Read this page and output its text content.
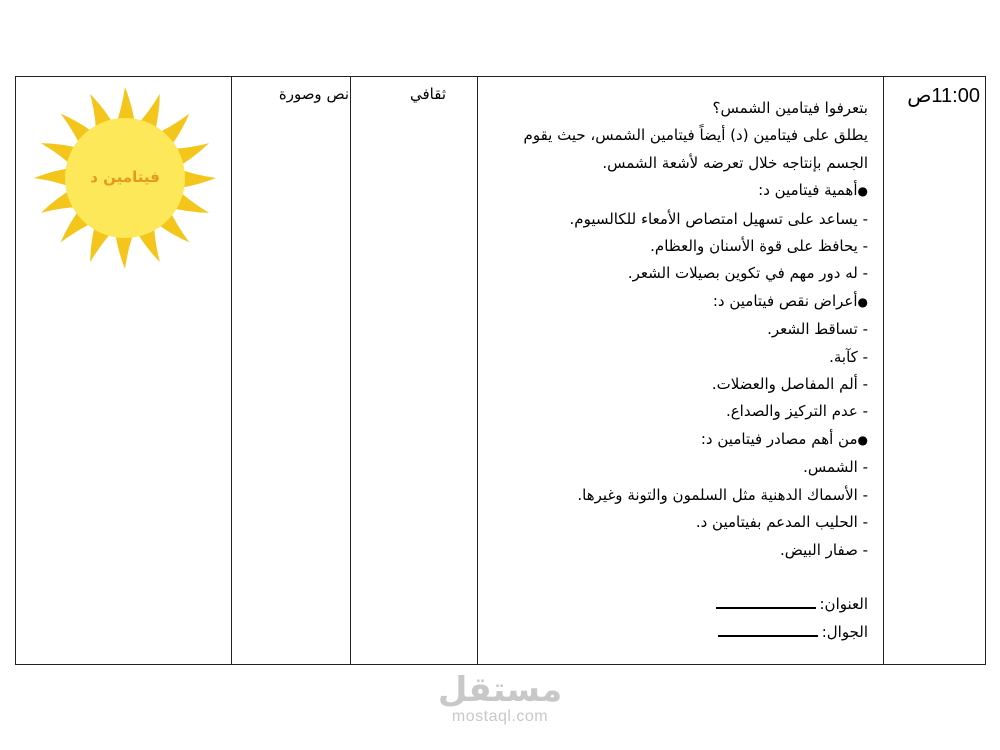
11:00ص
ثقافي
نص وصورة
بتعرفوا فيتامين الشمس؟
يطلق على فيتامين (د) أيضاً فيتامين الشمس، حيث يقوم
الجسم بإنتاجه خلال تعرضه لأشعة الشمس.
● أهمية فيتامين د:
- يساعد على تسهيل امتصاص الأمعاء للكالسيوم.
- يحافظ على قوة الأسنان والعظام.
- له دور مهم في تكوين بصيلات الشعر.
● أعراض نقص فيتامين د:
- تساقط الشعر.
- كآبة.
- ألم المفاصل والعضلات.
- عدم التركيز والصداع.
● من أهم مصادر فيتامين د:
- الشمس.
- الأسماك الدهنية مثل السلمون والتونة وغيرها.
- الحليب المدعم بفيتامين د.
- صفار البيض.
العنوان:
الجوال:
فيتامين د
مستقل
mostaql.com
